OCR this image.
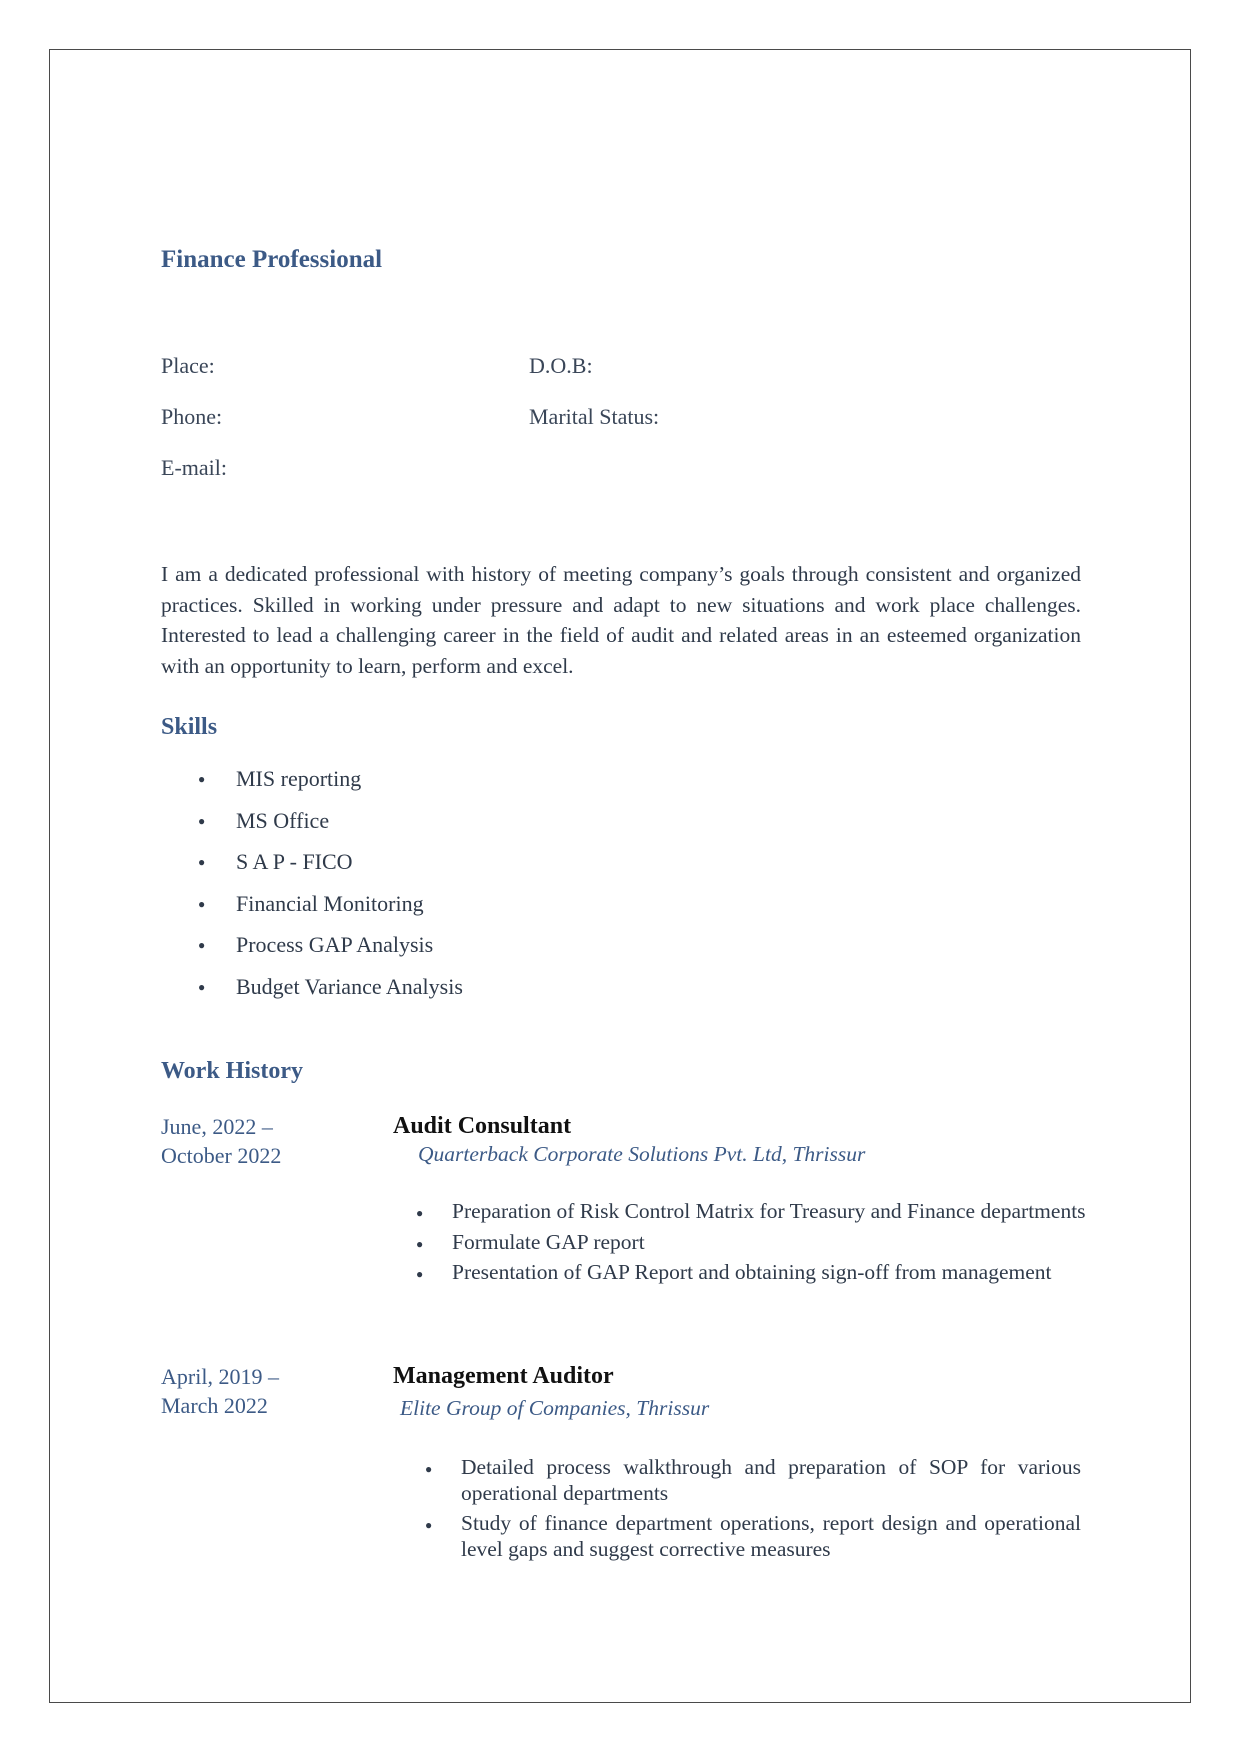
Finance Professional
Place:	D.O.B:
Phone:	Marital Status:
E-mail:
I am a dedicated professional with history of meeting company’s goals through consistent and organized practices. Skilled in working under pressure and adapt to new situations and work place challenges. Interested to lead a challenging career in the field of audit and related areas in an esteemed organization with an opportunity to learn, perform and excel.
Skills
● MIS reporting
● MS Office
● S A P - FICO
● Financial Monitoring
● Process GAP Analysis
● Budget Variance Analysis
Work History
June, 2022 –
October 2022
Audit Consultant
Quarterback Corporate Solutions Pvt. Ltd, Thrissur
● Preparation of Risk Control Matrix for Treasury and Finance departments
● Formulate GAP report
● Presentation of GAP Report and obtaining sign-off from management
April, 2019 –
March 2022
Management Auditor
Elite Group of Companies, Thrissur
● Detailed process walkthrough and preparation of SOP for various operational departments
● Study of finance department operations, report design and operational level gaps and suggest corrective measures
